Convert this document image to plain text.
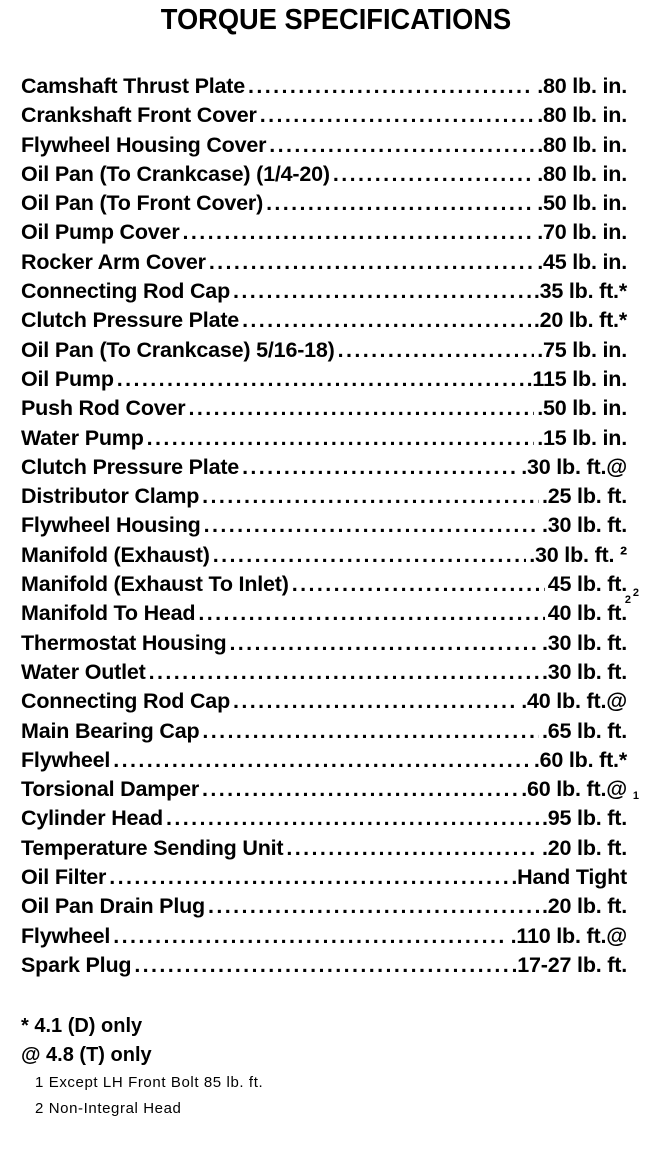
TORQUE SPECIFICATIONS
Camshaft Thrust Plate .....	.80 lb. in.
Crankshaft Front Cover .....	.80 lb. in.
Flywheel Housing Cover .....	.80 lb. in.
Oil Pan (To Crankcase) (1/4-20) .....	.80 lb. in.
Oil Pan (To Front Cover) .....	.50 lb. in.
Oil Pump Cover .....	.70 lb. in.
Rocker Arm Cover .....	.45 lb. in.
Connecting Rod Cap .....	.35 lb. ft.*
Clutch Pressure Plate .....	.20 lb. ft.*
Oil Pan (To Crankcase) 5/16-18) .....	.75 lb. in.
Oil Pump .....	.115 lb. in.
Push Rod Cover .....	.50 lb. in.
Water Pump .....	.15 lb. in.
Clutch Pressure Plate .....	.30 lb. ft.@
Distributor Clamp .....	.25 lb. ft.
Flywheel Housing .....	.30 lb. ft.
Manifold (Exhaust) .....	.30 lb. ft. ²
Manifold (Exhaust To Inlet) .....	45 lb. ft. 2
Manifold To Head .....	40 lb. ft.
2
Thermostat Housing .....	.30 lb. ft.
Water Outlet .....	.30 lb. ft.
Connecting Rod Cap .....	.40 lb. ft.@
Main Bearing Cap .....	.65 lb. ft.
Flywheel .....	.60 lb. ft.*
Torsional Damper .....	.60 lb. ft.@ 1
Cylinder Head .....	.95 lb. ft.
Temperature Sending Unit .....	.20 lb. ft.
Oil Filter .....	.Hand Tight
Oil Pan Drain Plug .....	.20 lb. ft.
Flywheel .....	.110 lb. ft.@
Spark Plug .....	.17-27 lb. ft.
* 4.1 (D) only
@ 4.8 (T) only
1 Except LH Front Bolt 85 lb. ft.
2 Non-Integral Head
